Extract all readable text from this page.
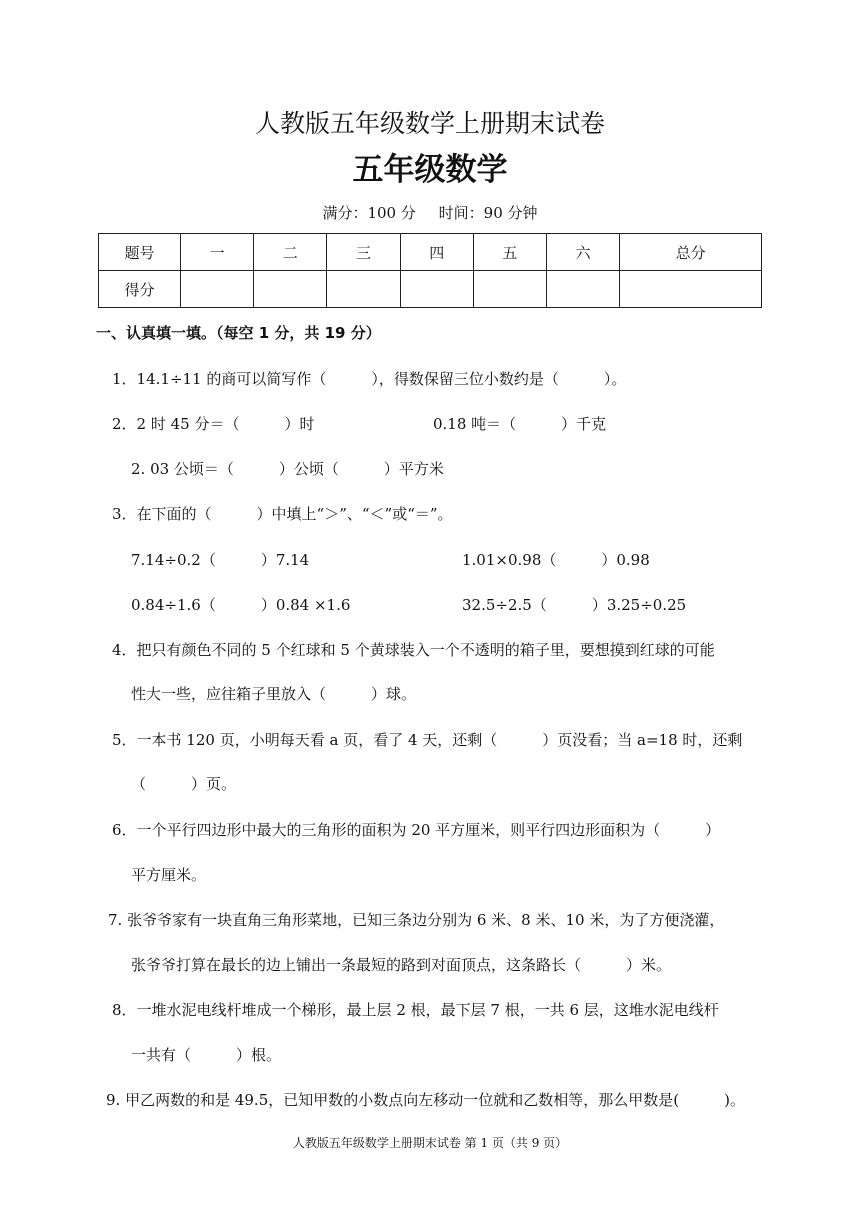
人教版五年级数学上册期末试卷
五年级数学
满分：100 分 时间：90 分钟
题号	一	二	三	四	五	六	总分
得分							
一、认真填一填。（每空 1 分，共 19 分）
1．14.1÷11 的商可以简写作（　　　），得数保留三位小数约是（　　　）。
2．2 时 45 分＝（　　　）时	0.18 吨＝（　　　）千克
2. 03 公顷＝（　　　）公顷（　　　）平方米
3．在下面的（　　　）中填上“＞”、“＜”或“＝”。
7.14÷0.2（　　　）7.14	1.01×0.98（　　　）0.98
0.84÷1.6（　　　）0.84 ×1.6	32.5÷2.5（　　　）3.25÷0.25
4．把只有颜色不同的 5 个红球和 5 个黄球装入一个不透明的箱子里，要想摸到红球的可能
性大一些，应往箱子里放入（　　　）球。
5．一本书 120 页，小明每天看 a 页，看了 4 天，还剩（　　　）页没看；当 a=18 时，还剩
（　　　）页。
6．一个平行四边形中最大的三角形的面积为 20 平方厘米，则平行四边形面积为（　　　）
平方厘米。
7. 张爷爷家有一块直角三角形菜地，已知三条边分别为 6 米、8 米、10 米，为了方便浇灌，
张爷爷打算在最长的边上铺出一条最短的路到对面顶点，这条路长（　　　）米。
8．一堆水泥电线杆堆成一个梯形，最上层 2 根，最下层 7 根，一共 6 层，这堆水泥电线杆
一共有（　　　）根。
9. 甲乙两数的和是 49.5，已知甲数的小数点向左移动一位就和乙数相等，那么甲数是(　　　)。
人教版五年级数学上册期末试卷 第 1 页（共 9 页）
